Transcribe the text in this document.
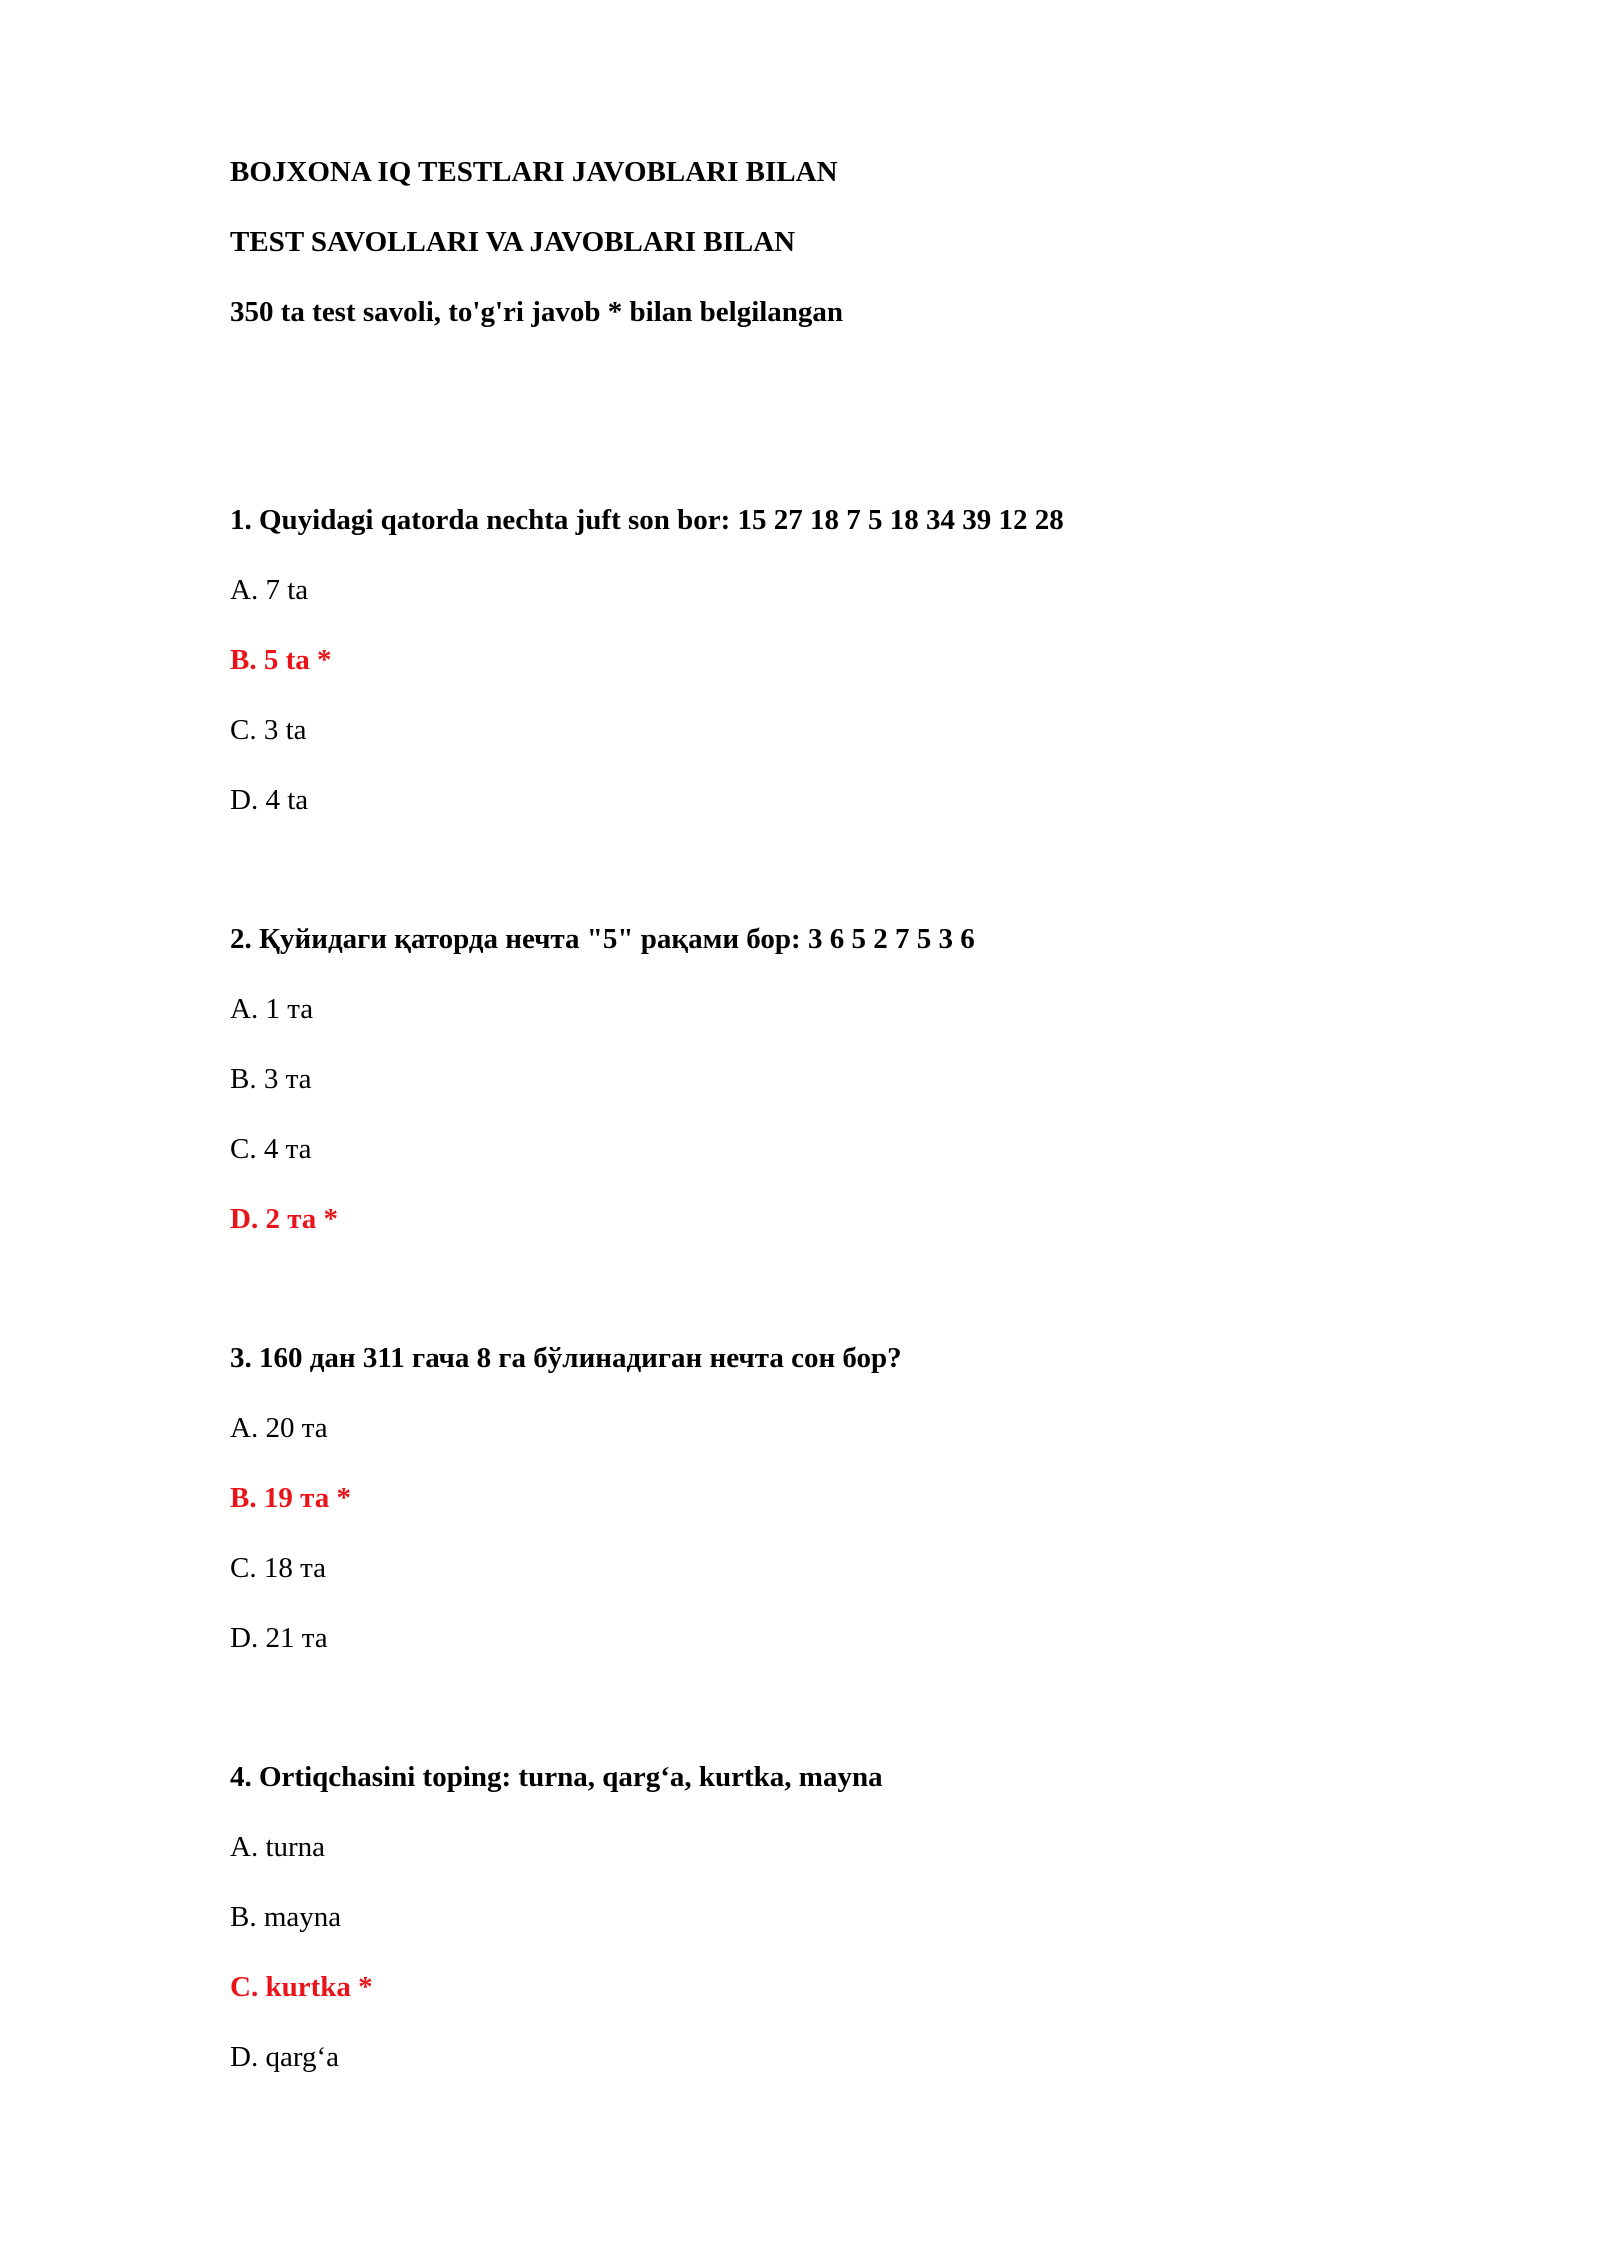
BOJXONA IQ TESTLARI JAVOBLARI BILAN
TEST SAVOLLARI VA JAVOBLARI BILAN
350 ta test savoli, to'g'ri javob * bilan belgilangan
1. Quyidagi qatorda nechta juft son bor: 15 27 18 7 5 18 34 39 12 28
A. 7 ta
B. 5 ta *
C. 3 ta
D. 4 ta
2. Қуйидаги қаторда нечта "5" рақами бор: 3 6 5 2 7 5 3 6
A. 1 та
B. 3 та
C. 4 та
D. 2 та *
3. 160 дан 311 гача 8 га бўлинадиган нечта сон бор?
A. 20 та
B. 19 та *
C. 18 та
D. 21 та
4. Ortiqchasini toping: turna, qarg‘a, kurtka, mayna
A. turna
B. mayna
C. kurtka *
D. qarg‘a
